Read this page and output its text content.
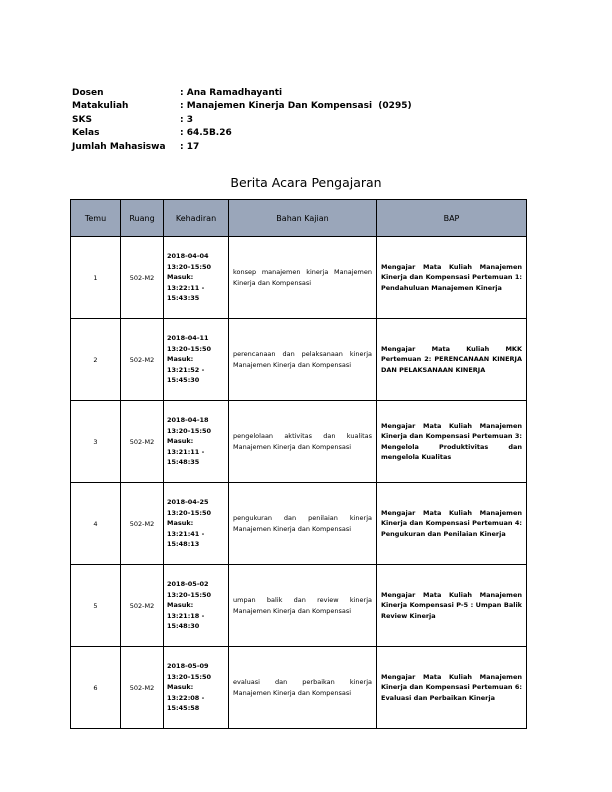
Dosen	: Ana Ramadhayanti
Matakuliah	: Manajemen Kinerja Dan Kompensasi  (0295)
SKS	: 3
Kelas	: 64.5B.26
Jumlah Mahasiswa	: 17
Berita Acara Pengajaran
Temu	Ruang	Kehadiran	Bahan Kajian	BAP
1	502-M2	2018-04-04
13:20-15:50
Masuk:
13:22:11 -
15:43:35	konsep manajemen kinerja Manajemen Kinerja dan Kompensasi	Mengajar Mata Kuliah Manajemen Kinerja dan Kompensasi Pertemuan 1: Pendahuluan Manajemen Kinerja
2	502-M2	2018-04-11
13:20-15:50
Masuk:
13:21:52 -
15:45:30	perencanaan dan pelaksanaan kinerja Manajemen Kinerja dan Kompensasi	Mengajar Mata Kuliah MKK Pertemuan 2: PERENCANAAN KINERJA DAN PELAKSANAAN KINERJA
3	502-M2	2018-04-18
13:20-15:50
Masuk:
13:21:11 -
15:48:35	pengelolaan aktivitas dan kualitas Manajemen Kinerja dan Kompensasi	Mengajar Mata Kuliah Manajemen Kinerja dan Kompensasi Pertemuan 3: Mengelola Produktivitas dan mengelola Kualitas
4	502-M2	2018-04-25
13:20-15:50
Masuk:
13:21:41 -
15:48:13	pengukuran dan penilaian kinerja Manajemen Kinerja dan Kompensasi	Mengajar Mata Kuliah Manajemen Kinerja dan Kompensasi Pertemuan 4: Pengukuran dan Penilaian Kinerja
5	502-M2	2018-05-02
13:20-15:50
Masuk:
13:21:18 -
15:48:30	umpan balik dan review kinerja Manajemen Kinerja dan Kompensasi	Mengajar Mata Kuliah Manajemen Kinerja Kompensasi P-5 : Umpan Balik Review Kinerja
6	502-M2	2018-05-09
13:20-15:50
Masuk:
13:22:08 -
15:45:58	evaluasi dan perbaikan kinerja Manajemen Kinerja dan Kompensasi	Mengajar Mata Kuliah Manajemen Kinerja dan Kompensasi Pertemuan 6: Evaluasi dan Perbaikan Kinerja
